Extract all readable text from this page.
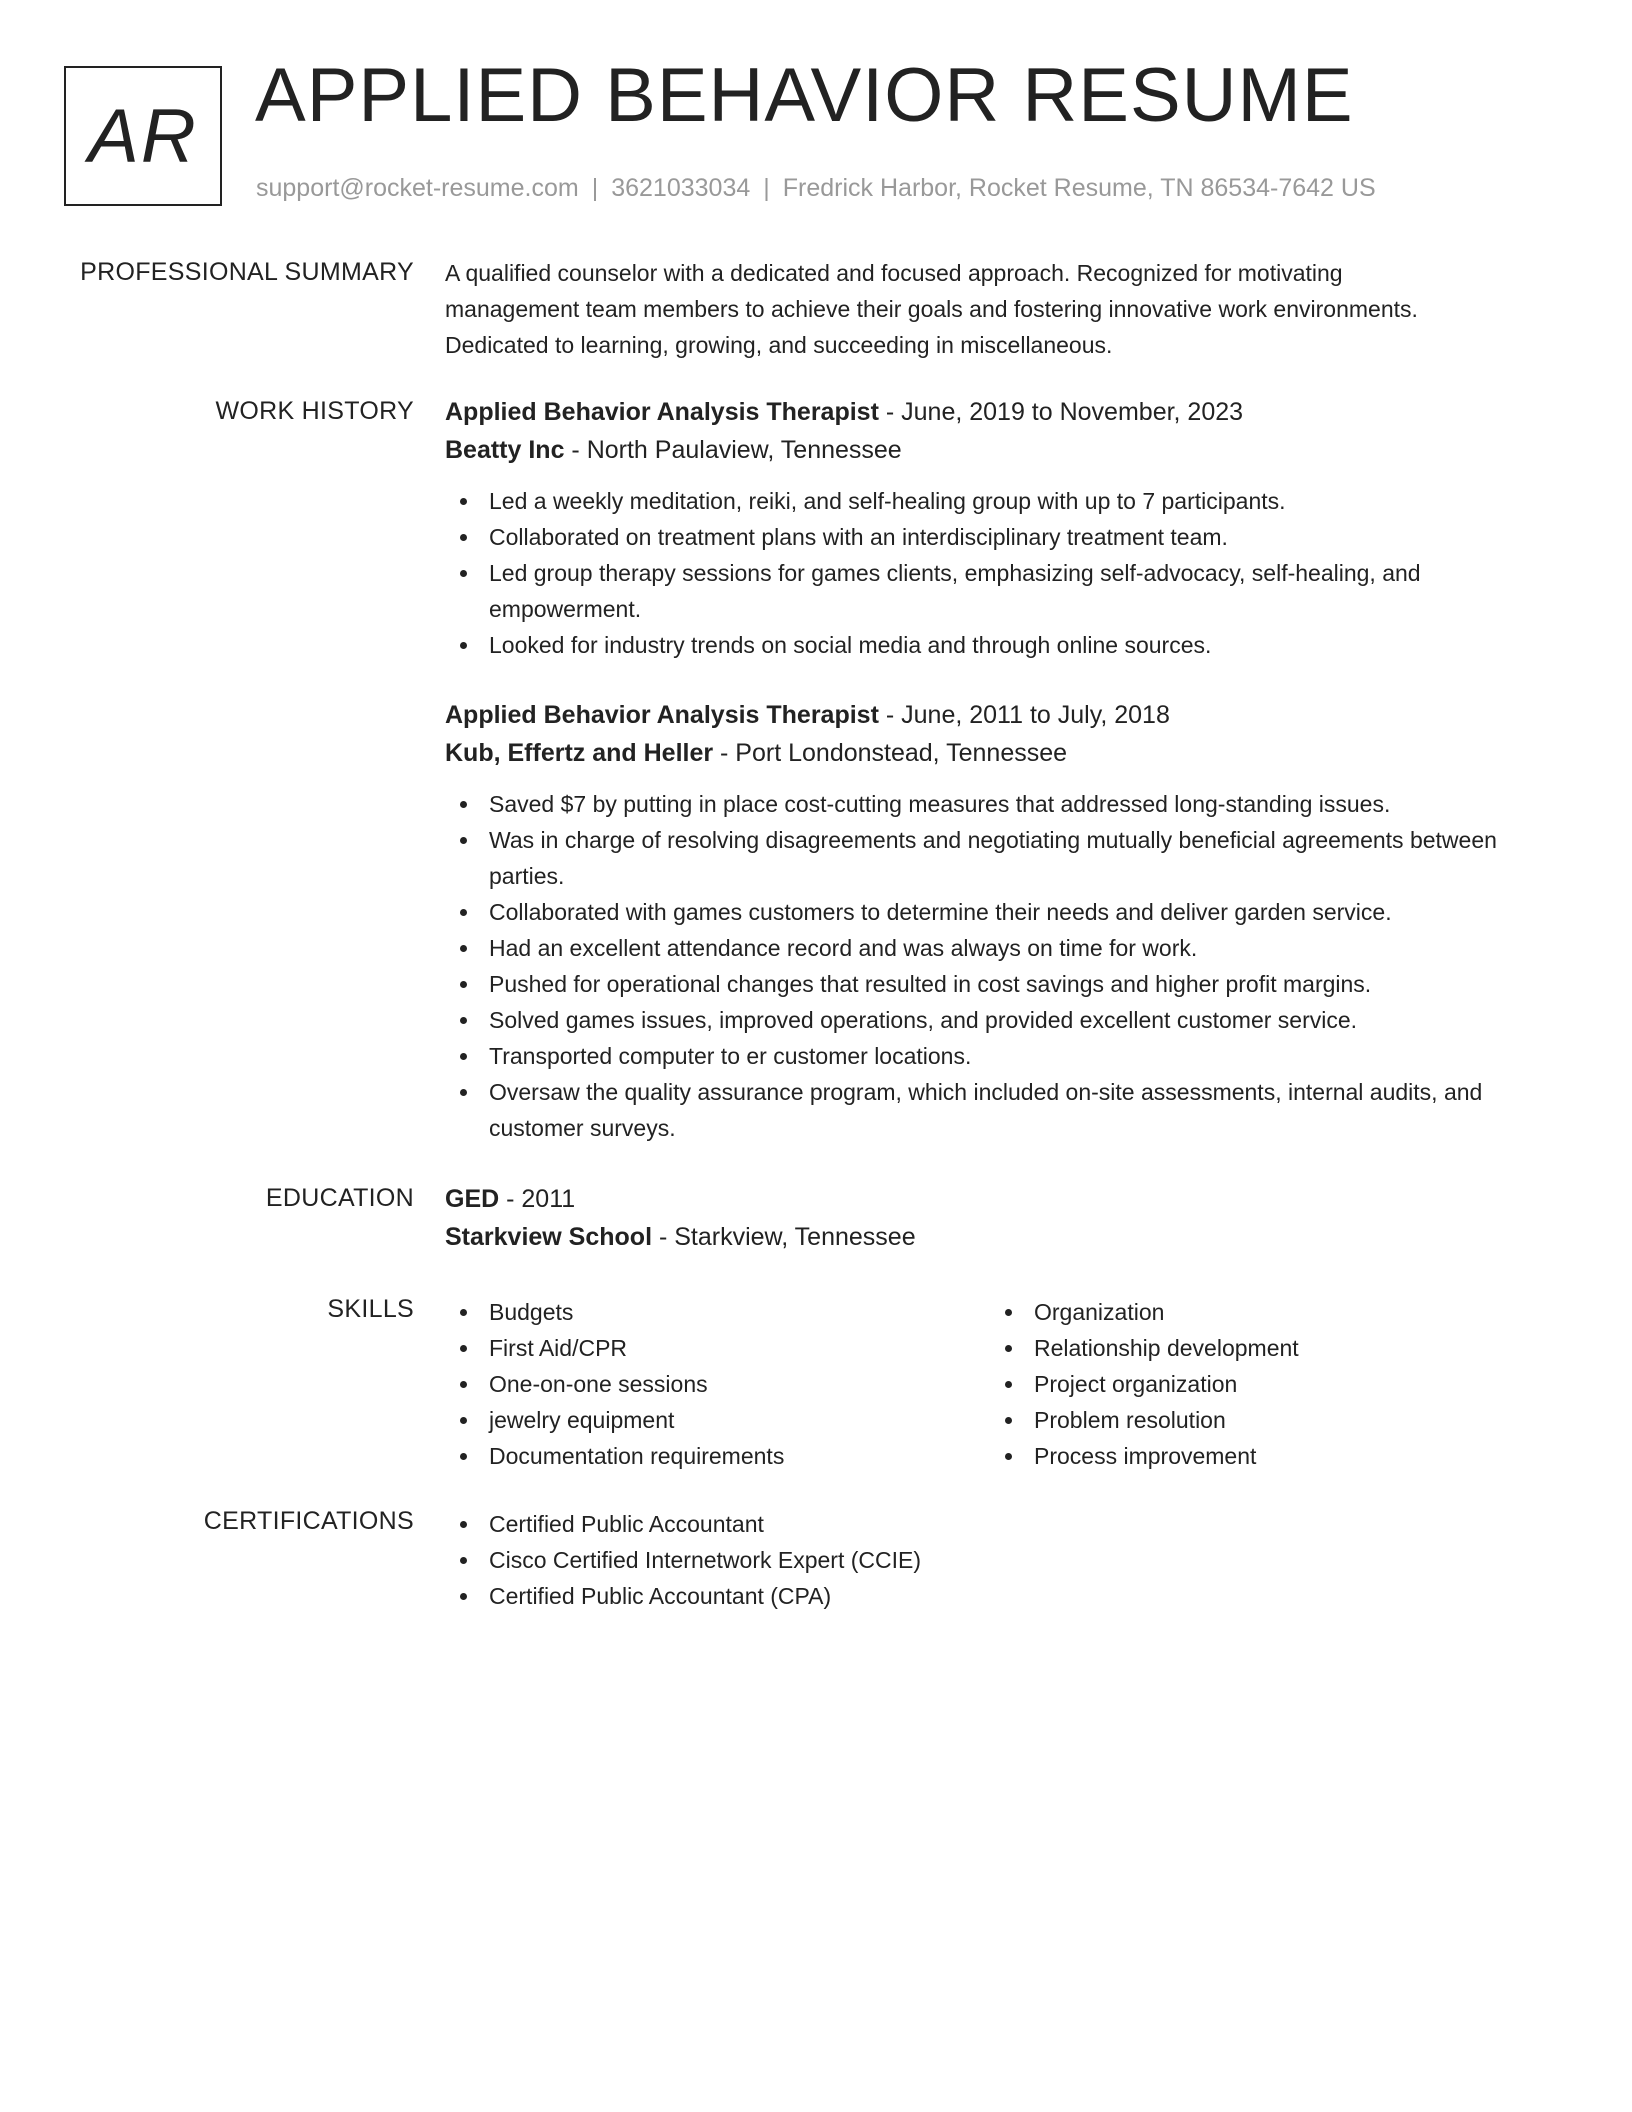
AR APPLIED BEHAVIOR RESUME
support@rocket-resume.com | 3621033034 | Fredrick Harbor, Rocket Resume, TN 86534-7642 US
PROFESSIONAL SUMMARY A qualified counselor with a dedicated and focused approach. Recognized for motivating
management team members to achieve their goals and fostering innovative work environments.
Dedicated to learning, growing, and succeeding in miscellaneous.

WORK HISTORY Applied Behavior Analysis Therapist - June, 2019 to November, 2023
Beatty Inc - North Paulaview, Tennessee
Led a weekly meditation, reiki, and self-healing group with up to 7 participants.
Collaborated on treatment plans with an interdisciplinary treatment team.
Led group therapy sessions for games clients, emphasizing self-advocacy, self-healing, and empowerment.
Looked for industry trends on social media and through online sources.
Applied Behavior Analysis Therapist - June, 2011 to July, 2018
Kub, Effertz and Heller - Port Londonstead, Tennessee
Saved $7 by putting in place cost-cutting measures that addressed long-standing issues.
Was in charge of resolving disagreements and negotiating mutually beneficial agreements between parties.
Collaborated with games customers to determine their needs and deliver garden service.
Had an excellent attendance record and was always on time for work.
Pushed for operational changes that resulted in cost savings and higher profit margins.
Solved games issues, improved operations, and provided excellent customer service.
Transported computer to er customer locations.
Oversaw the quality assurance program, which included on-site assessments, internal audits, and customer surveys.
EDUCATION GED - 2011
Starkview School - Starkview, Tennessee
SKILLS	Budgets
First Aid/CPR
One-on-one sessions
jewelry equipment
Documentation requirements
Organization
Relationship development
Project organization
Problem resolution
Process improvement
CERTIFICATIONS	Certified Public Accountant
Cisco Certified Internetwork Expert (CCIE)
Certified Public Accountant (CPA)
